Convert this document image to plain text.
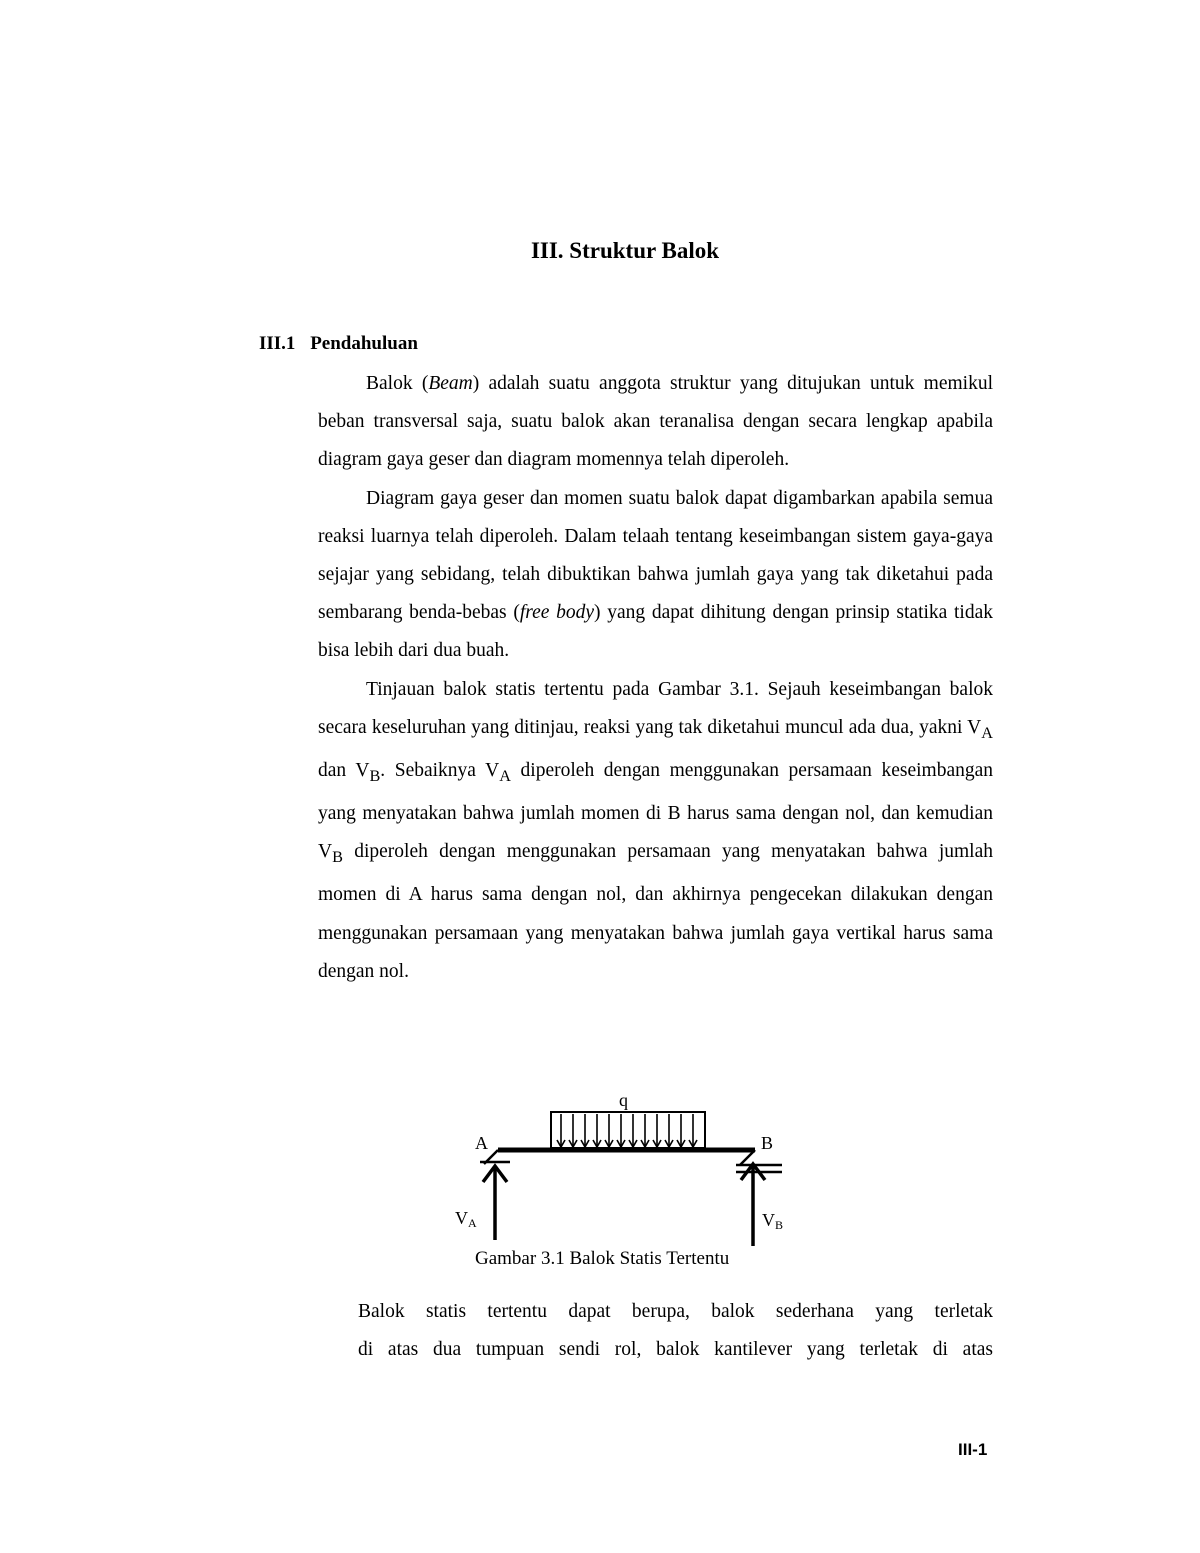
III. Struktur Balok
III.1 Pendahuluan

Balok (Beam) adalah suatu anggota struktur yang ditujukan untuk memikul beban transversal saja, suatu balok akan teranalisa dengan secara lengkap apabila diagram gaya geser dan diagram momennya telah diperoleh.

Diagram gaya geser dan momen suatu balok dapat digambarkan apabila semua reaksi luarnya telah diperoleh. Dalam telaah tentang keseimbangan sistem gaya-gaya sejajar yang sebidang, telah dibuktikan bahwa jumlah gaya yang tak diketahui pada sembarang benda-bebas (free body) yang dapat dihitung dengan prinsip statika tidak bisa lebih dari dua buah.

Tinjauan balok statis tertentu pada Gambar 3.1. Sejauh keseimbangan balok secara keseluruhan yang ditinjau, reaksi yang tak diketahui muncul ada dua, yakni $V_A$ dan $V_B$. Sebaiknya $V_A$ diperoleh dengan menggunakan persamaan keseimbangan yang menyatakan bahwa jumlah momen di B harus sama dengan nol, dan kemudian $V_B$ diperoleh dengan menggunakan persamaan yang menyatakan bahwa jumlah momen di A harus sama dengan nol, dan akhirnya pengecekan dilakukan dengan menggunakan persamaan yang menyatakan bahwa jumlah gaya vertikal harus sama dengan nol.

q
A	B
$V_A$	$V_B$
Gambar 3.1 Balok Statis Tertentu

Balok statis tertentu dapat berupa, balok sederhana yang terletak

di atas dua tumpuan sendi rol, balok kantilever yang terletak di atas

III-1
